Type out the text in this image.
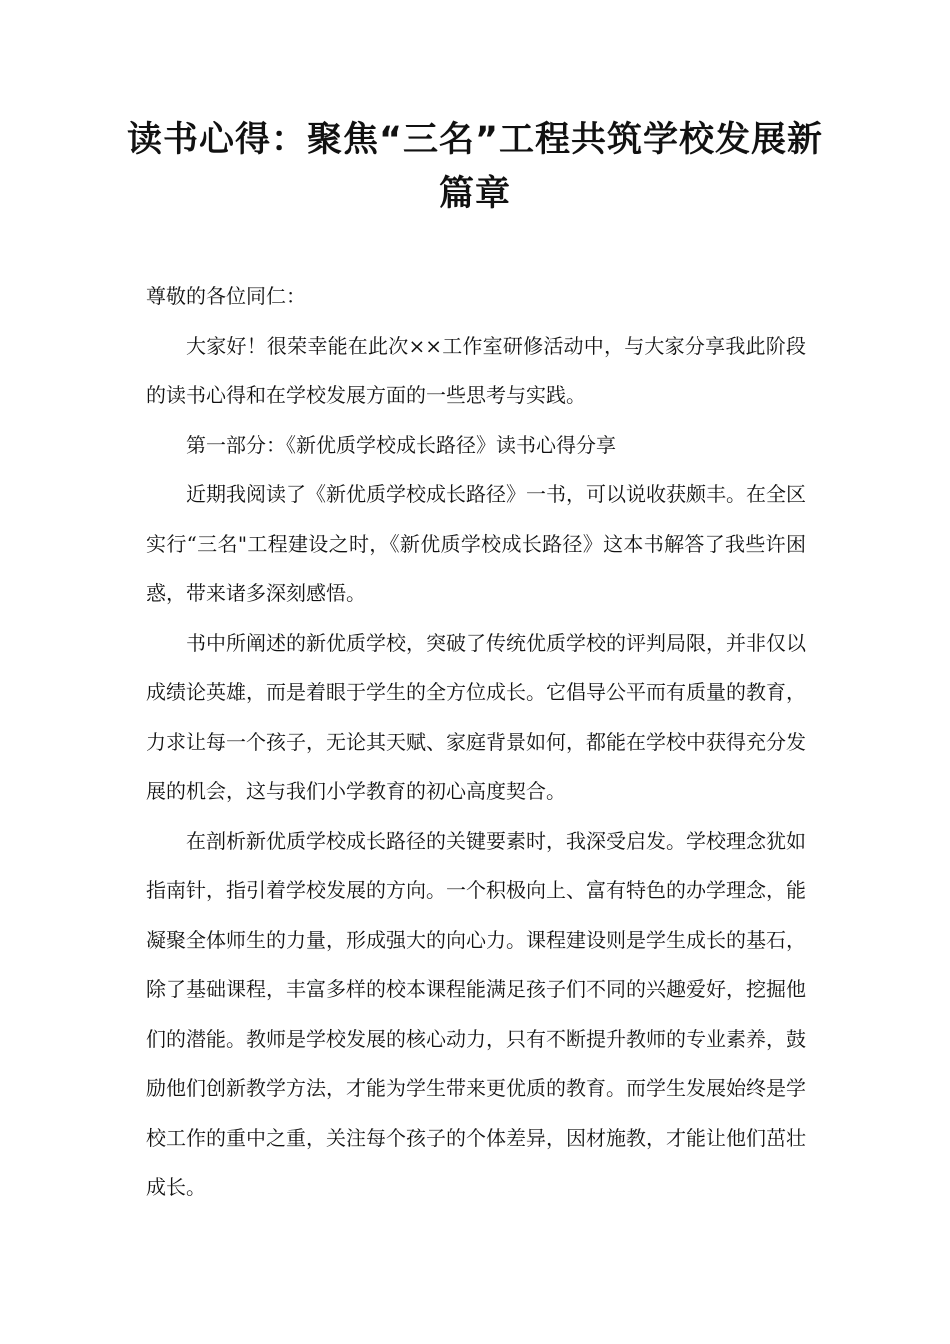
读书心得：聚焦“三名”工程共筑学校发展新篇章

尊敬的各位同仁：

大家好！很荣幸能在此次××工作室研修活动中，与大家分享我此阶段的读书心得和在学校发展方面的一些思考与实践。

第一部分：《新优质学校成长路径》读书心得分享

近期我阅读了《新优质学校成长路径》一书，可以说收获颇丰。在全区实行“三名"工程建设之时，《新优质学校成长路径》这本书解答了我些许困惑，带来诸多深刻感悟。

书中所阐述的新优质学校，突破了传统优质学校的评判局限，并非仅以成绩论英雄，而是着眼于学生的全方位成长。它倡导公平而有质量的教育，力求让每一个孩子，无论其天赋、家庭背景如何，都能在学校中获得充分发展的机会，这与我们小学教育的初心高度契合。

在剖析新优质学校成长路径的关键要素时，我深受启发。学校理念犹如指南针，指引着学校发展的方向。一个积极向上、富有特色的办学理念，能凝聚全体师生的力量，形成强大的向心力。课程建设则是学生成长的基石，除了基础课程，丰富多样的校本课程能满足孩子们不同的兴趣爱好，挖掘他们的潜能。教师是学校发展的核心动力，只有不断提升教师的专业素养，鼓励他们创新教学方法，才能为学生带来更优质的教育。而学生发展始终是学校工作的重中之重，关注每个孩子的个体差异，因材施教，才能让他们茁壮成长。
